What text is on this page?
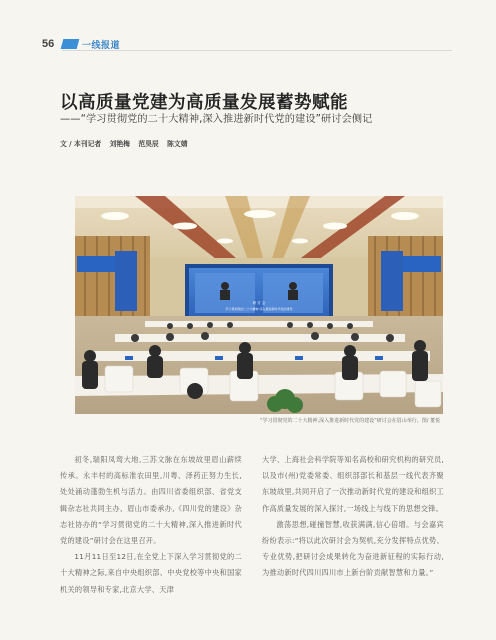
56	一线报道
以高质量党建为高质量发展蓄势赋能
——“学习贯彻党的二十大精神,深入推进新时代党的建设”研讨会侧记
文 / 本刊记者 刘艳梅 范昊辰 陈文婧
研 讨 会
学习贯彻党的二十大精神 深入推进新时代党的建设
“学习贯彻党的二十大精神,深入推进新时代党的建设”研讨会在眉山举行。图/ 董悦

初冬,瑞阳凤鸾大地,三苏文脉在东坡故里眉山薪续传承。永丰村的高标准农田里,川粤、泽药正努力生长,处处涌动蓬勃生机与活力。由四川省委组织部、省党支辑杂志社共同主办、眉山市委承办,《四川党的建设》杂志社协办的“学习贯彻党的二十大精神,深入推进新时代党的建设”研讨会在这里召开。

11月11日至12日,在全党上下深入学习贯彻党的二十大精神之际,来自中央组织部、中央党校等中央和国家机关的领导和专家,北京大学、天津

大学、上海社会科学院等知名高校和研究机构的研究员,以及市(州)党委常委、组织部部长和基层一线代表齐聚东坡故里,共同开启了一次推动新时代党的建设和组织工作高质量发展的深入探讨,一场线上与线下的思想交锋。

激荡思想,碰撞智慧,收获满满,信心倍增。与会嘉宾纷纷表示:“将以此次研讨会为契机,充分发挥特点优势、专业优势,把研讨会成果转化为奋进新征程的实际行动,为推动新时代四川四川市上新台阶贡献智慧和力量。”
